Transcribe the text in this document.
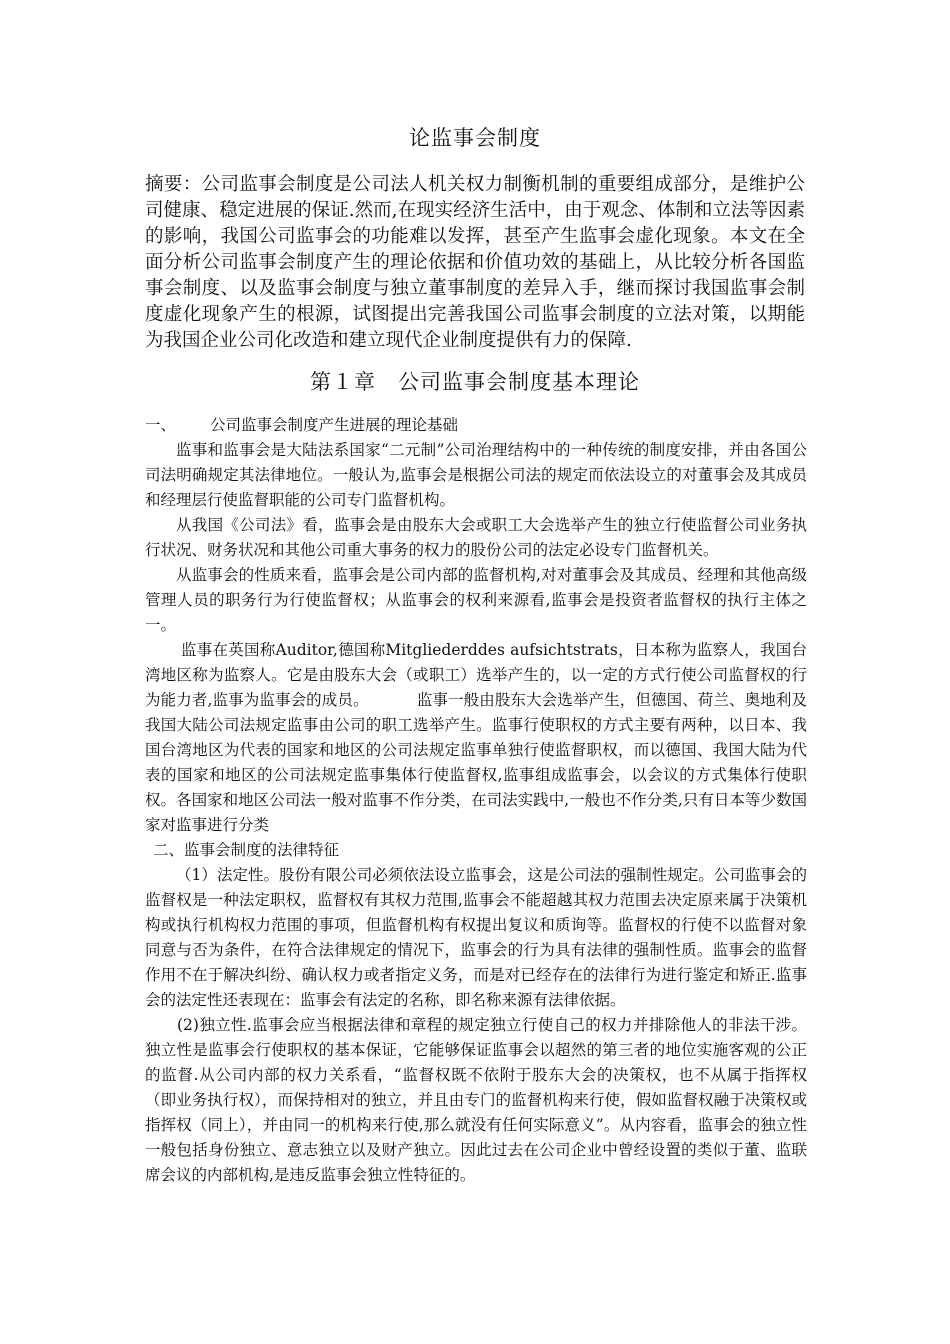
论监事会制度
摘要：公司监事会制度是公司法人机关权力制衡机制的重要组成部分，是维护公司健康、稳定进展的保证.然而,在现实经济生活中，由于观念、体制和立法等因素的影响，我国公司监事会的功能难以发挥，甚至产生监事会虚化现象。本文在全面分析公司监事会制度产生的理论依据和价值功效的基础上，从比较分析各国监事会制度、以及监事会制度与独立董事制度的差异入手，继而探讨我国监事会制度虚化现象产生的根源，试图提出完善我国公司监事会制度的立法对策，以期能为我国企业公司化改造和建立现代企业制度提供有力的保障.
第１章　公司监事会制度基本理论

一、 公司监事会制度产生进展的理论基础

监事和监事会是大陆法系国家“二元制”公司治理结构中的一种传统的制度安排，并由各国公司法明确规定其法律地位。一般认为,监事会是根据公司法的规定而依法设立的对董事会及其成员和经理层行使监督职能的公司专门监督机构。

从我国《公司法》看，监事会是由股东大会或职工大会选举产生的独立行使监督公司业务执行状况、财务状况和其他公司重大事务的权力的股份公司的法定必设专门监督机关。

从监事会的性质来看，监事会是公司内部的监督机构,对对董事会及其成员、经理和其他高级管理人员的职务行为行使监督权；从监事会的权利来源看,监事会是投资者监督权的执行主体之一。

监事在英国称Auditor,德国称Mitgliederddes aufsichtstrats，日本称为监察人，我国台湾地区称为监察人。它是由股东大会（或职工）选举产生的，以一定的方式行使公司监督权的行为能力者,监事为监事会的成员。	监事一般由股东大会选举产生，但德国、荷兰、奥地利及我国大陆公司法规定监事由公司的职工选举产生。监事行使职权的方式主要有两种，以日本、我国台湾地区为代表的国家和地区的公司法规定监事单独行使监督职权，而以德国、我国大陆为代表的国家和地区的公司法规定监事集体行使监督权,监事组成监事会，以会议的方式集体行使职权。各国家和地区公司法一般对监事不作分类，在司法实践中,一般也不作分类,只有日本等少数国家对监事进行分类

二、监事会制度的法律特征

（1）法定性。股份有限公司必须依法设立监事会，这是公司法的强制性规定。公司监事会的监督权是一种法定职权，监督权有其权力范围,监事会不能超越其权力范围去决定原来属于决策机构或执行机构权力范围的事项，但监督机构有权提出复议和质询等。监督权的行使不以监督对象同意与否为条件，在符合法律规定的情况下，监事会的行为具有法律的强制性质。监事会的监督作用不在于解决纠纷、确认权力或者指定义务，而是对已经存在的法律行为进行鉴定和矫正.监事会的法定性还表现在：监事会有法定的名称，即名称来源有法律依据。

(2)独立性.监事会应当根据法律和章程的规定独立行使自己的权力并排除他人的非法干涉。独立性是监事会行使职权的基本保证，它能够保证监事会以超然的第三者的地位实施客观的公正的监督.从公司内部的权力关系看，“监督权既不依附于股东大会的决策权，也不从属于指挥权（即业务执行权），而保持相对的独立，并且由专门的监督机构来行使，假如监督权融于决策权或指挥权（同上），并由同一的机构来行使,那么就没有任何实际意义”。从内容看，监事会的独立性一般包括身份独立、意志独立以及财产独立。因此过去在公司企业中曾经设置的类似于董、监联席会议的内部机构,是违反监事会独立性特征的。
